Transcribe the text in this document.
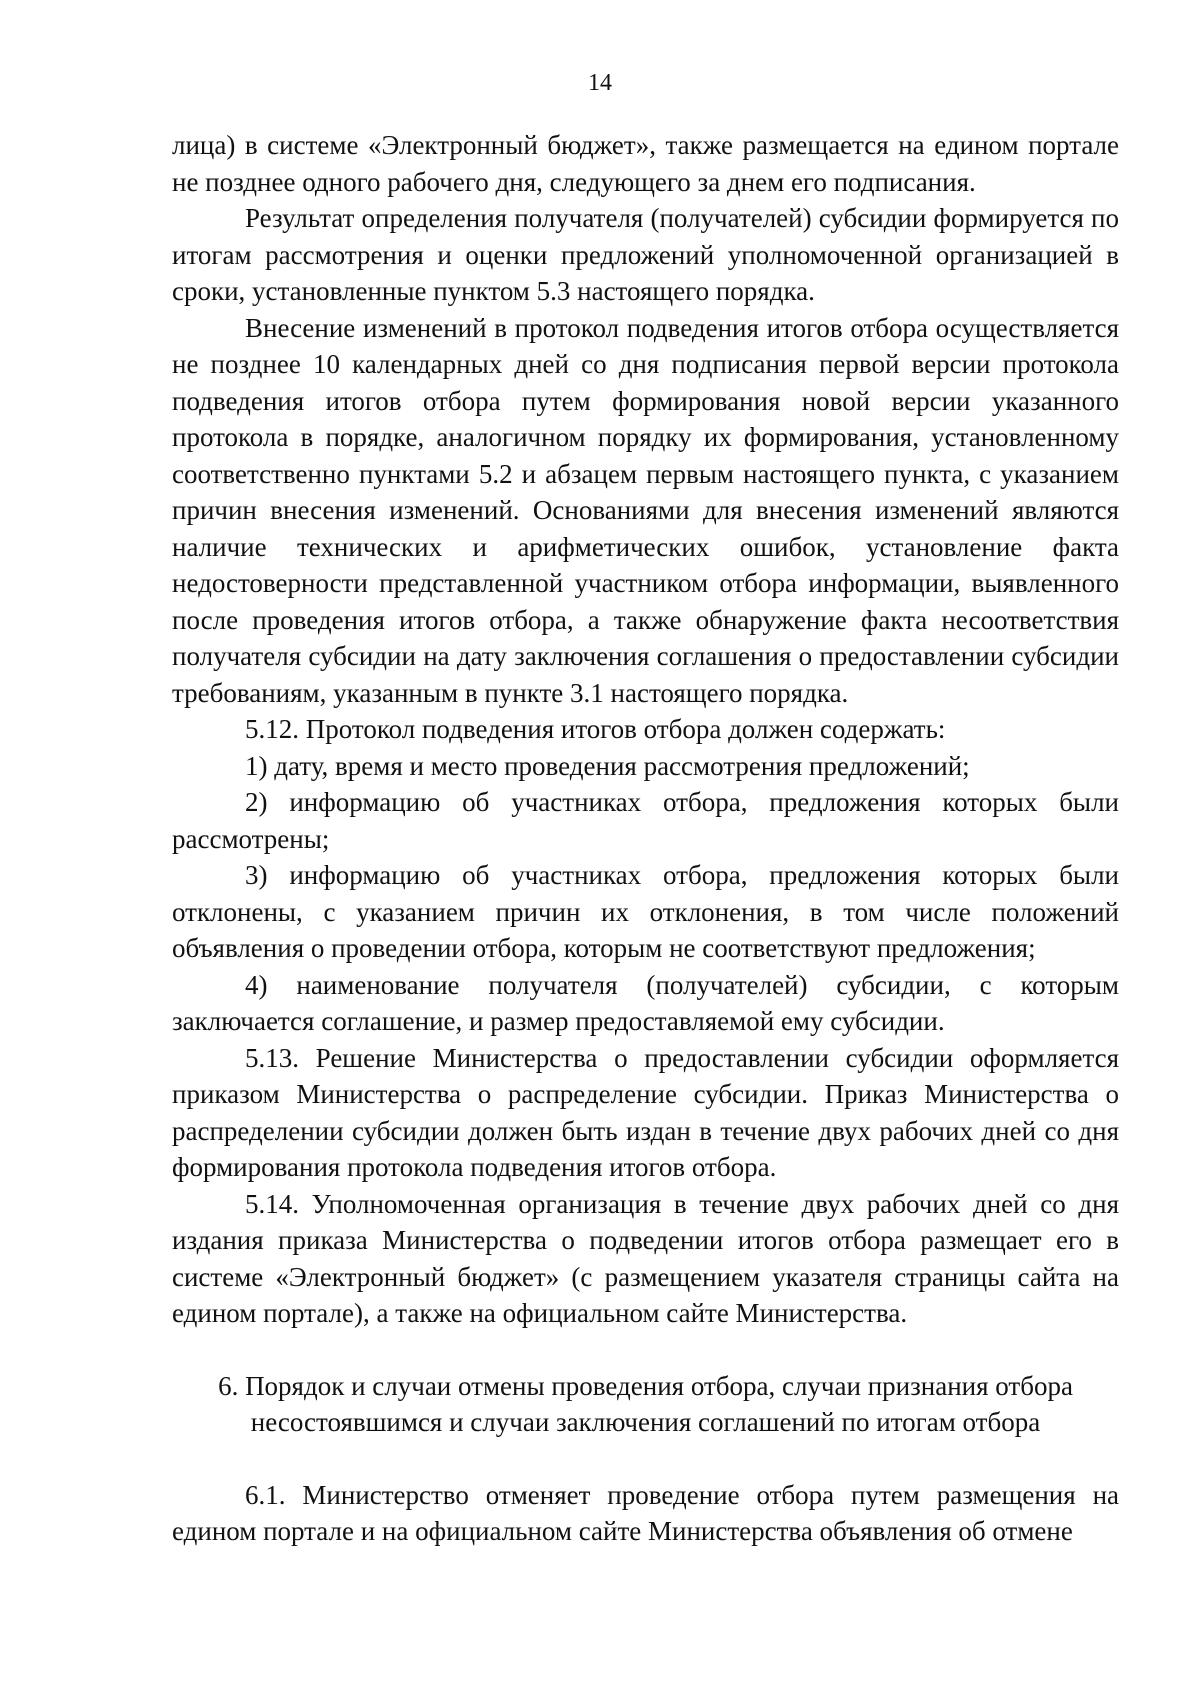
14

лица) в системе «Электронный бюджет», также размещается на едином портале не позднее одного рабочего дня, следующего за днем его подписания.

Результат определения получателя (получателей) субсидии формируется по итогам рассмотрения и оценки предложений уполномоченной организацией в сроки, установленные пунктом 5.3 настоящего порядка.

Внесение изменений в протокол подведения итогов отбора осуществляется не позднее 10 календарных дней со дня подписания первой версии протокола подведения итогов отбора путем формирования новой версии указанного протокола в порядке, аналогичном порядку их формирования, установленному соответственно пунктами 5.2 и абзацем первым настоящего пункта, с указанием причин внесения изменений. Основаниями для внесения изменений являются наличие технических и арифметических ошибок, установление факта недостоверности представленной участником отбора информации, выявленного после проведения итогов отбора, а также обнаружение факта несоответствия получателя субсидии на дату заключения соглашения о предоставлении субсидии требованиям, указанным в пункте 3.1 настоящего порядка.

5.12. Протокол подведения итогов отбора должен содержать:

1) дату, время и место проведения рассмотрения предложений;

2) информацию об участниках отбора, предложения которых были рассмотрены;

3) информацию об участниках отбора, предложения которых были отклонены, с указанием причин их отклонения, в том числе положений объявления о проведении отбора, которым не соответствуют предложения;

4) наименование получателя (получателей) субсидии, с которым заключается соглашение, и размер предоставляемой ему субсидии.

5.13. Решение Министерства о предоставлении субсидии оформляется приказом Министерства о распределение субсидии. Приказ Министерства о распределении субсидии должен быть издан в течение двух рабочих дней со дня формирования протокола подведения итогов отбора.

5.14. Уполномоченная организация в течение двух рабочих дней со дня издания приказа Министерства о подведении итогов отбора размещает его в системе «Электронный бюджет» (с размещением указателя страницы сайта на едином портале), а также на официальном сайте Министерства.

6. Порядок и случаи отмены проведения отбора, случаи признания отбора
несостоявшимся и случаи заключения соглашений по итогам отбора

6.1. Министерство отменяет проведение отбора путем размещения на едином портале и на официальном сайте Министерства объявления об отмене
